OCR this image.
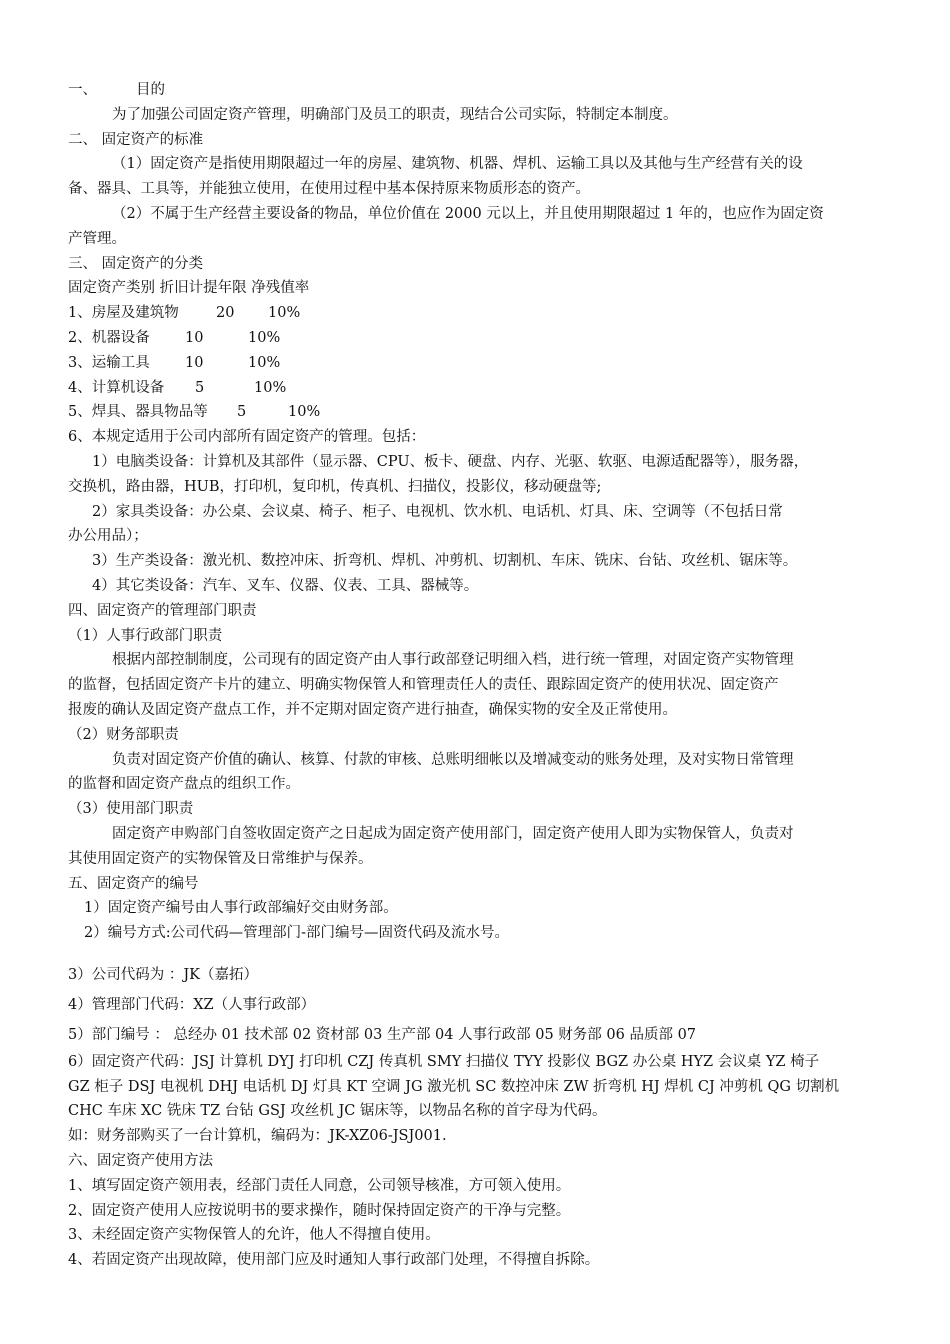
一、	目的
为了加强公司固定资产管理，明确部门及员工的职责，现结合公司实际，特制定本制度。
二、 固定资产的标准
（1）固定资产是指使用期限超过一年的房屋、建筑物、机器、焊机、运输工具以及其他与生产经营有关的设
备、器具、工具等，并能独立使用，在使用过程中基本保持原来物质形态的资产。
（2）不属于生产经营主要设备的物品，单位价值在 2000 元以上，并且使用期限超过 1 年的，也应作为固定资
产管理。
三、 固定资产的分类
固定资产类别 折旧计提年限 净残值率
1、房屋及建筑物	20 10%
2、机器设备 10	10%
3、运输工具 10	10%
4、计算机设备 5	10%
5、焊具、器具物品等 5	10%
6、本规定适用于公司内部所有固定资产的管理。包括：
1）电脑类设备：计算机及其部件（显示器、CPU、板卡、硬盘、内存、光驱、软驱、电源适配器等），服务器，
交换机，路由器，HUB，打印机，复印机，传真机、扫描仪，投影仪，移动硬盘等;
2）家具类设备：办公桌、会议桌、椅子、柜子、电视机、饮水机、电话机、灯具、床、空调等（不包括日常
办公用品）；
3）生产类设备：激光机、数控冲床、折弯机、焊机、冲剪机、切割机、车床、铣床、台钻、攻丝机、锯床等。
4）其它类设备：汽车、叉车、仪器、仪表、工具、器械等。
四、固定资产的管理部门职责
（1）人事行政部门职责
根据内部控制制度，公司现有的固定资产由人事行政部登记明细入档，进行统一管理，对固定资产实物管理
的监督，包括固定资产卡片的建立、明确实物保管人和管理责任人的责任、跟踪固定资产的使用状况、固定资产
报废的确认及固定资产盘点工作，并不定期对固定资产进行抽查，确保实物的安全及正常使用。
（2）财务部职责
负责对固定资产价值的确认、核算、付款的审核、总账明细帐以及增减变动的账务处理，及对实物日常管理
的监督和固定资产盘点的组织工作。
（3）使用部门职责
固定资产申购部门自签收固定资产之日起成为固定资产使用部门，固定资产使用人即为实物保管人，负责对
其使用固定资产的实物保管及日常维护与保养。
五、固定资产的编号
1）固定资产编号由人事行政部编好交由财务部。
2）编号方式:公司代码—管理部门-部门编号—固资代码及流水号。
3）公司代码为 ：JK（嘉拓）
4）管理部门代码：XZ（人事行政部）
5）部门编号 ： 总经办 01 技术部 02 资材部 03 生产部 04 人事行政部 05 财务部 06 品质部 07
6）固定资产代码：JSJ 计算机 DYJ 打印机 CZJ 传真机 SMY 扫描仪 TYY 投影仪 BGZ 办公桌 HYZ 会议桌 YZ 椅子
GZ 柜子 DSJ 电视机 DHJ 电话机 DJ 灯具 KT 空调 JG 激光机 SC 数控冲床 ZW 折弯机 HJ 焊机 CJ 冲剪机 QG 切割机
CHC 车床 XC 铣床 TZ 台钻 GSJ 攻丝机 JC 锯床等，以物品名称的首字母为代码。
如：财务部购买了一台计算机，编码为：JK-XZ06-JSJ001.
六、固定资产使用方法
1、填写固定资产领用表，经部门责任人同意，公司领导核准，方可领入使用。
2、固定资产使用人应按说明书的要求操作，随时保持固定资产的干净与完整。
3、未经固定资产实物保管人的允许，他人不得擅自使用。
4、若固定资产出现故障，使用部门应及时通知人事行政部门处理，不得擅自拆除。
